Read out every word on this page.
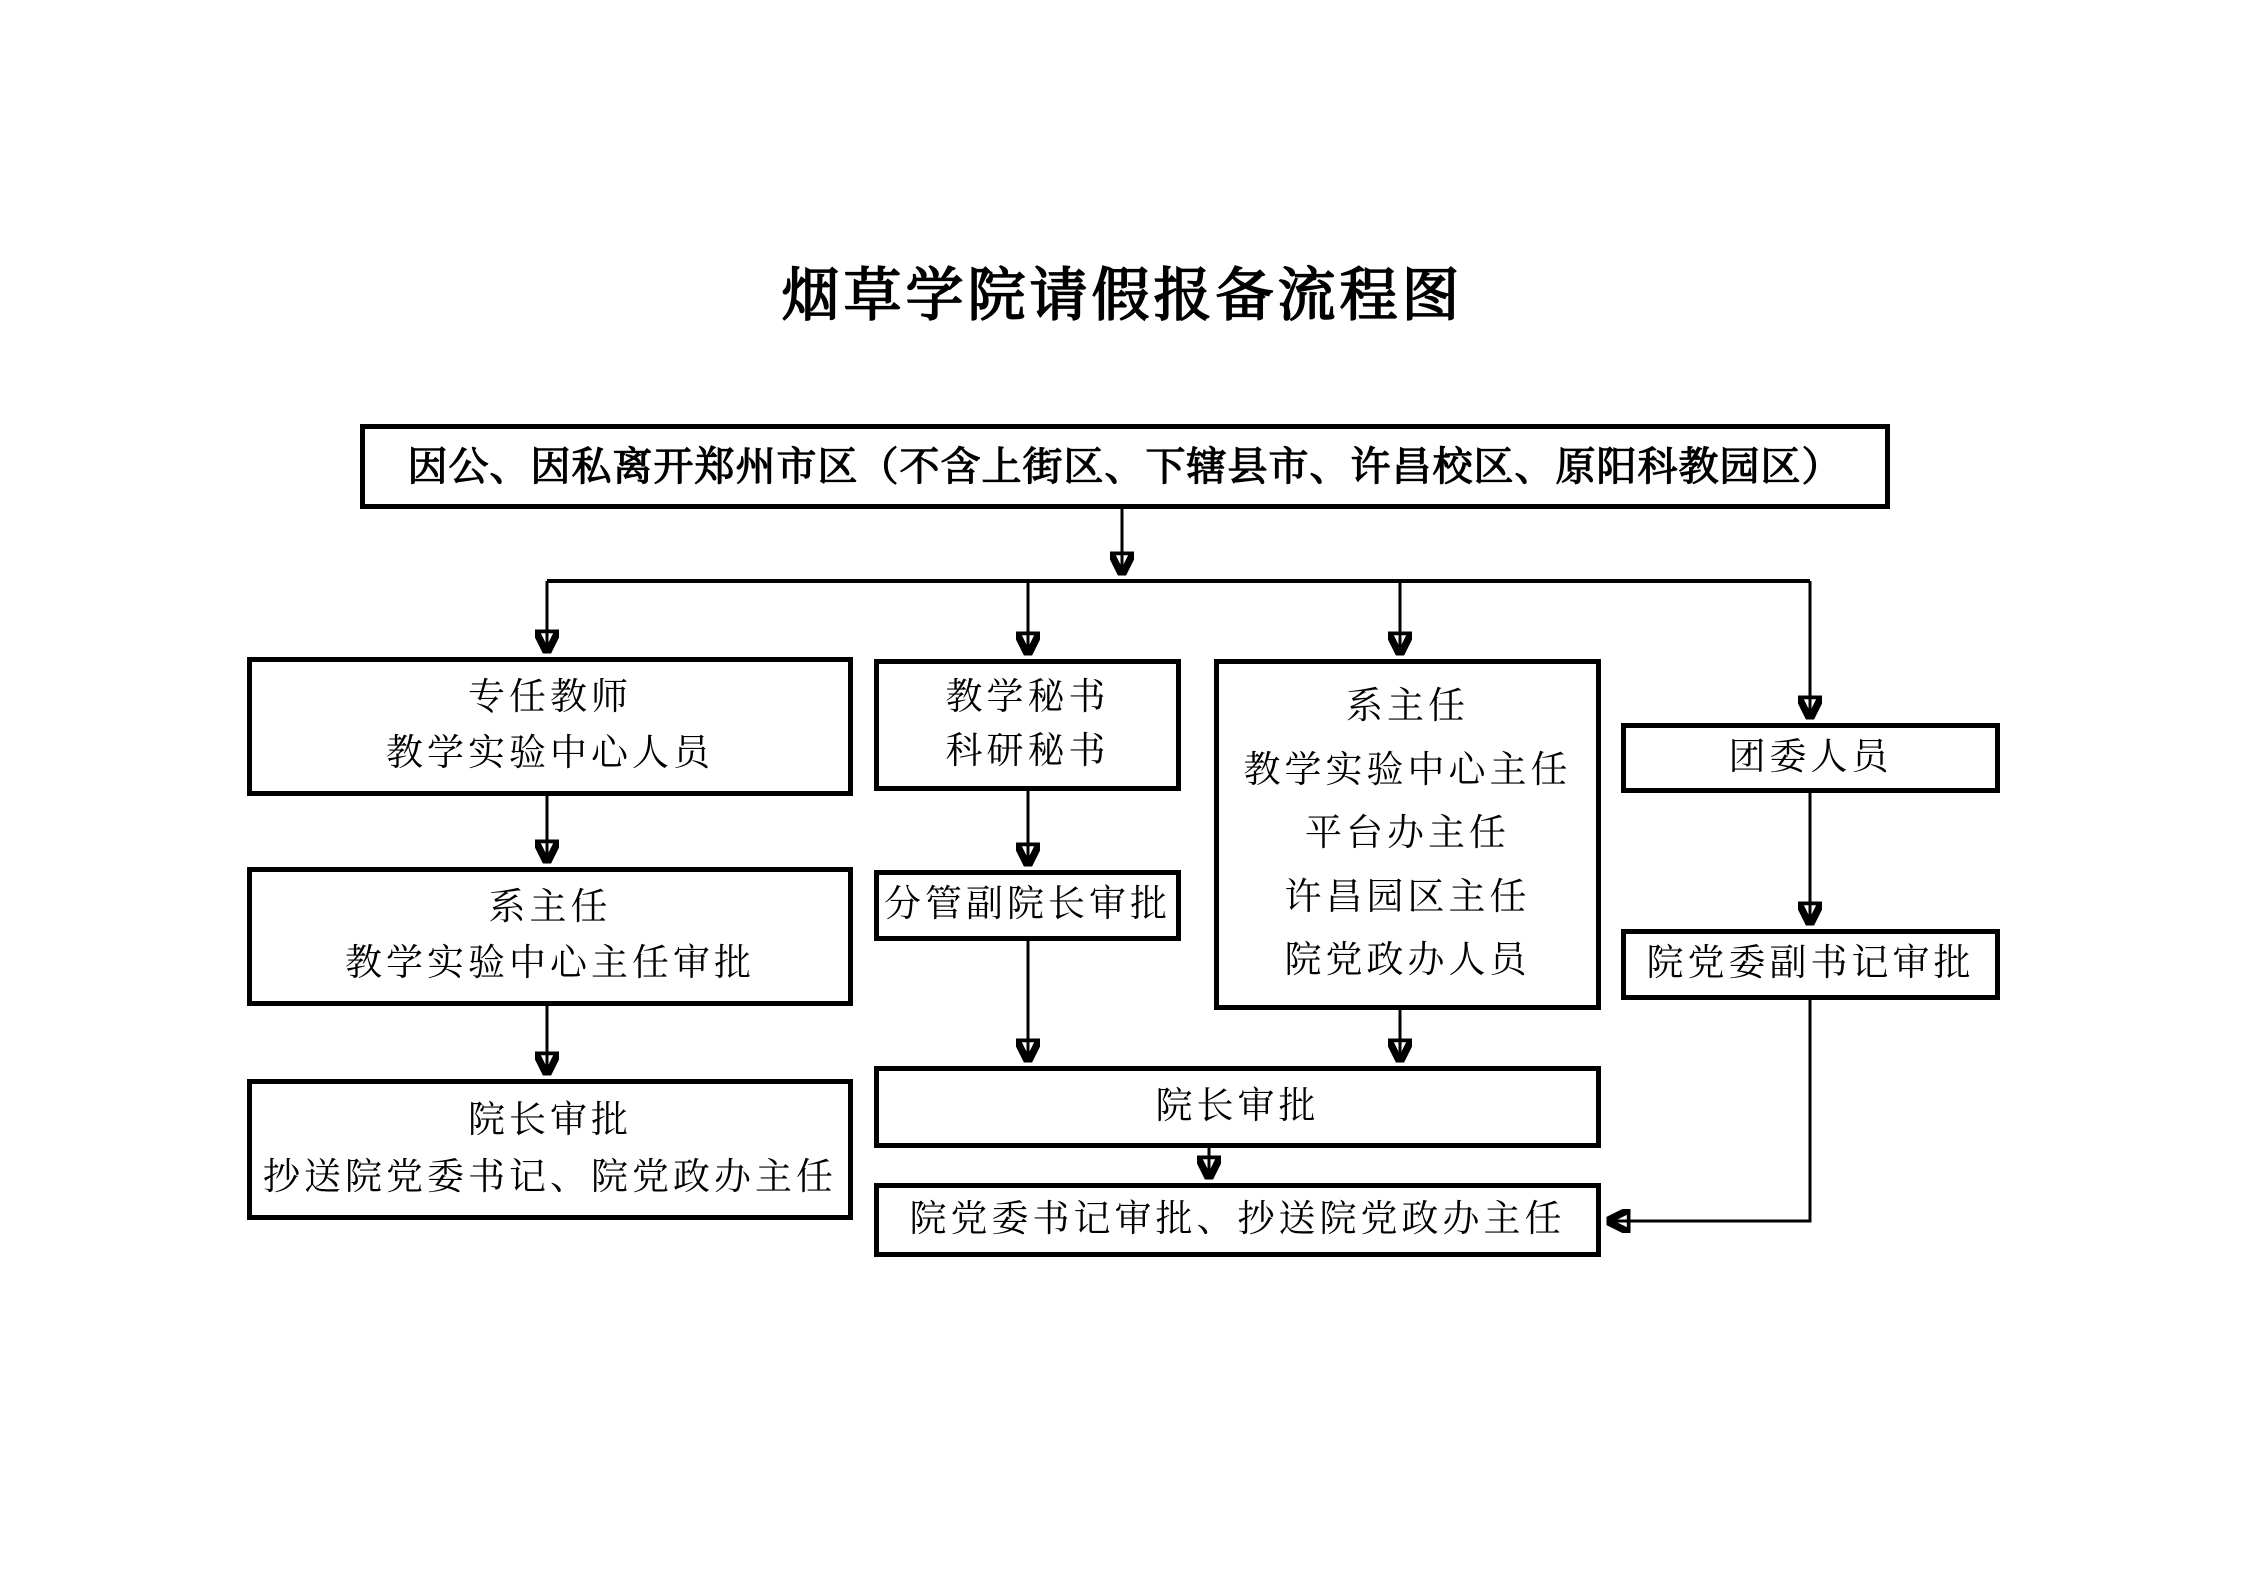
烟草学院请假报备流程图
因公、因私离开郑州市区（不含上街区、下辖县市、许昌校区、原阳科教园区）
专任教师
教学实验中心人员
教学秘书
科研秘书
系主任
教学实验中心主任
平台办主任
许昌园区主任
院党政办人员
团委人员
系主任
教学实验中心主任审批
分管副院长审批
院党委副书记审批
院长审批
抄送院党委书记、院党政办主任
院长审批
院党委书记审批、抄送院党政办主任
